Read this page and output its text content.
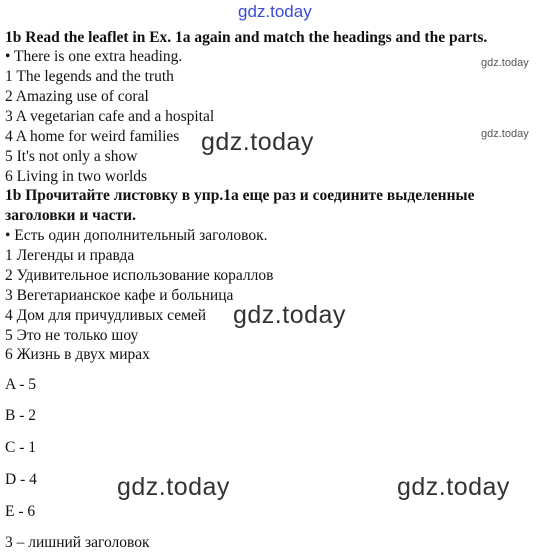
gdz.today
1b Read the leaflet in Ex. 1a again and match the headings and the parts.
• There is one extra heading.
1 The legends and the truth
2 Amazing use of coral
3 A vegetarian cafe and a hospital
4 A home for weird families
5 It's not only a show
6 Living in two worlds
1b Прочитайте листовку в упр.1а еще раз и соедините выделенные
заголовки и части.
• Есть один дополнительный заголовок.
1 Легенды и правда
2 Удивительное использование кораллов
3 Вегетарианское кафе и больница
4 Дом для причудливых семей
5 Это не только шоу
6 Жизнь в двух мирах
A - 5
B - 2
C - 1
D - 4
E - 6
3 – лишний заголовок
gdz.today
gdz.today
gdz.today
gdz.today
gdz.today	gdz.today
